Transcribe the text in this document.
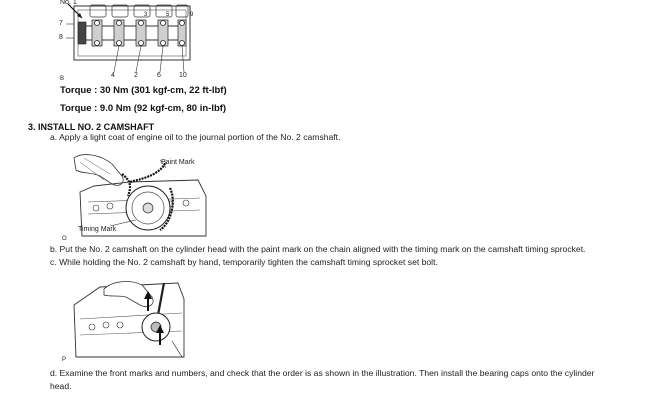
No. 1
7
8
4	2	6	10
3	5	9
B
Torque : 30 Nm (301 kgf-cm, 22 ft-lbf)
Torque : 9.0 Nm (92 kgf-cm, 80 in-lbf)
3. INSTALL NO. 2 CAMSHAFT
a. Apply a light coat of engine oil to the journal portion of the No. 2 camshaft.
Paint Mark
Timing Mark
O
b. Put the No. 2 camshaft on the cylinder head with the paint mark on the chain aligned with the timing mark on the camshaft timing sprocket.
c. While holding the No. 2 camshaft by hand, temporarily tighten the camshaft timing sprocket set bolt.
P
d. Examine the front marks and numbers, and check that the order is as shown in the illustration. Then install the bearing caps onto the cylinder head.
